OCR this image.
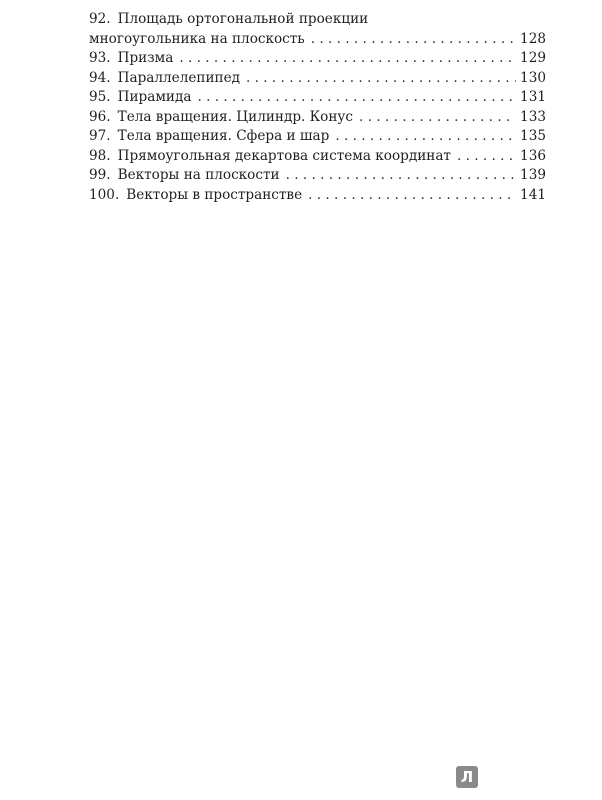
92. Площадь ортогональной проекции
многоугольника на плоскость . . .	128
93. Призма . . .	129
94. Параллелепипед . . .	130
95. Пирамида . . .	131
96. Тела вращения. Цилиндр. Конус . . .	133
97. Тела вращения. Сфера и шар . . .	135
98. Прямоугольная декартова система координат . . .	136
99. Векторы на плоскости . . .	139
100. Векторы в пространстве . . .	141
Л
